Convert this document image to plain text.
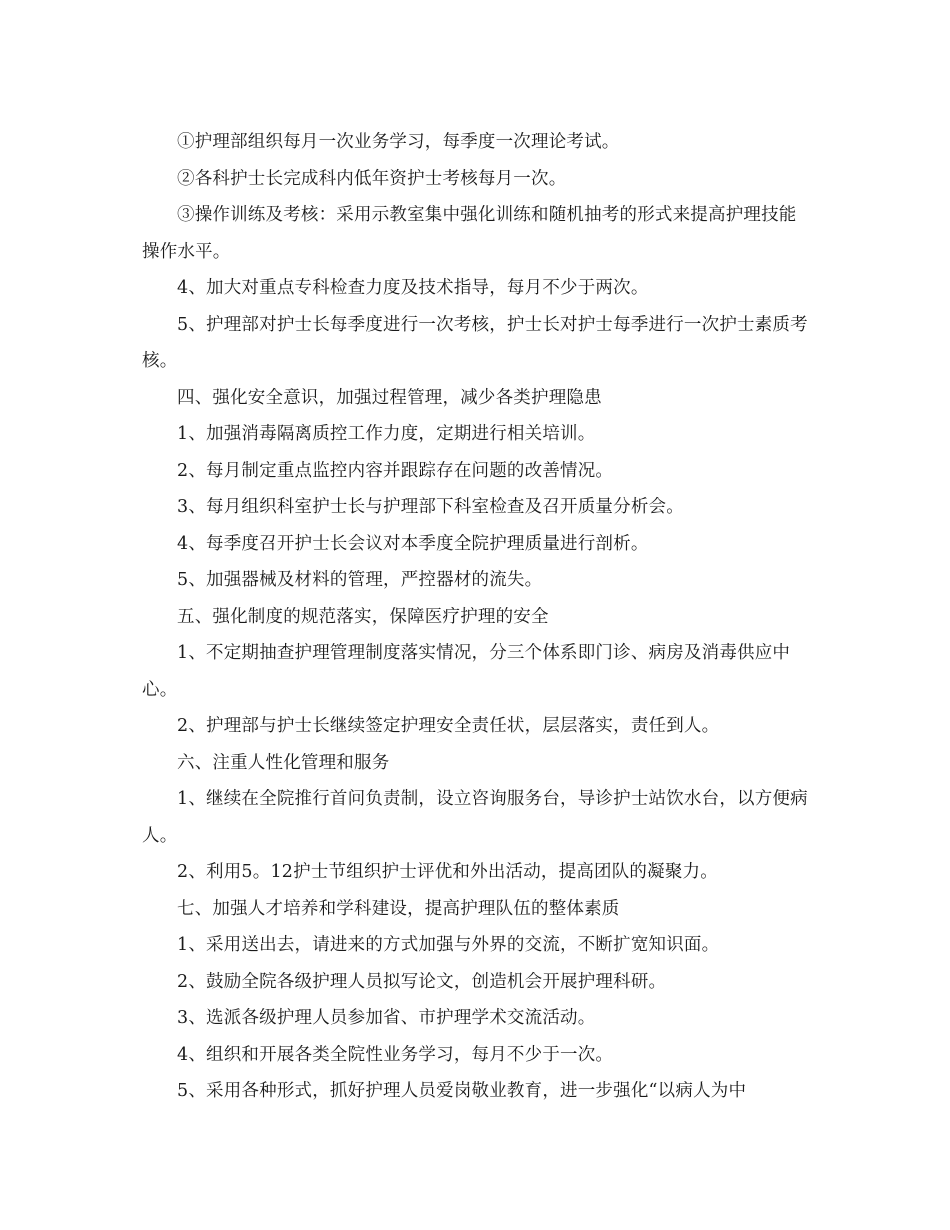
①护理部组织每月一次业务学习，每季度一次理论考试。

②各科护士长完成科内低年资护士考核每月一次。

③操作训练及考核：采用示教室集中强化训练和随机抽考的形式来提高护理技能操作水平。

4、加大对重点专科检查力度及技术指导，每月不少于两次。

5、护理部对护士长每季度进行一次考核，护士长对护士每季进行一次护士素质考核。

四、强化安全意识，加强过程管理，减少各类护理隐患

1、加强消毒隔离质控工作力度，定期进行相关培训。

2、每月制定重点监控内容并跟踪存在问题的改善情况。

3、每月组织科室护士长与护理部下科室检查及召开质量分析会。

4、每季度召开护士长会议对本季度全院护理质量进行剖析。

5、加强器械及材料的管理，严控器材的流失。

五、强化制度的规范落实，保障医疗护理的安全

1、不定期抽查护理管理制度落实情况，分三个体系即门诊、病房及消毒供应中心。

2、护理部与护士长继续签定护理安全责任状，层层落实，责任到人。

六、注重人性化管理和服务

1、继续在全院推行首问负责制，设立咨询服务台，导诊护士站饮水台，以方便病人。

2、利用5。12护士节组织护士评优和外出活动，提高团队的凝聚力。

七、加强人才培养和学科建设，提高护理队伍的整体素质

1、采用送出去，请进来的方式加强与外界的交流，不断扩宽知识面。

2、鼓励全院各级护理人员拟写论文，创造机会开展护理科研。

3、选派各级护理人员参加省、市护理学术交流活动。

4、组织和开展各类全院性业务学习，每月不少于一次。

5、采用各种形式，抓好护理人员爱岗敬业教育，进一步强化“以病人为中
